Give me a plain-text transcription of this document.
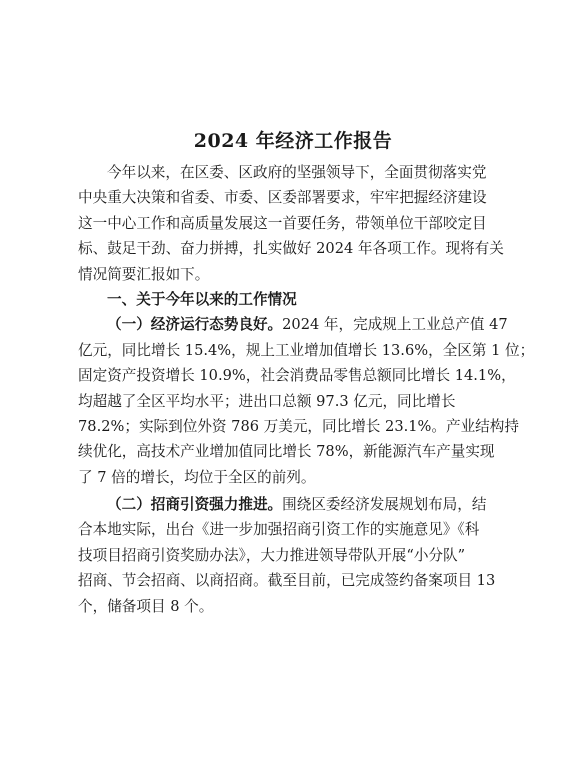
2024 年经济工作报告
今年以来，在区委、区政府的坚强领导下，全面贯彻落实党
中央重大决策和省委、市委、区委部署要求，牢牢把握经济建设
这一中心工作和高质量发展这一首要任务，带领单位干部咬定目
标、鼓足干劲、奋力拼搏，扎实做好 2024 年各项工作。现将有关
情况简要汇报如下。
一、关于今年以来的工作情况
（一）经济运行态势良好。2024 年，完成规上工业总产值 47
亿元，同比增长 15.4%，规上工业增加值增长 13.6%，全区第 1 位；
固定资产投资增长 10.9%，社会消费品零售总额同比增长 14.1%，
均超越了全区平均水平；进出口总额 97.3 亿元，同比增长
78.2%；实际到位外资 786 万美元，同比增长 23.1%。产业结构持
续优化，高技术产业增加值同比增长 78%，新能源汽车产量实现
了 7 倍的增长，均位于全区的前列。
（二）招商引资强力推进。围绕区委经济发展规划布局，结
合本地实际，出台《进一步加强招商引资工作的实施意见》《科
技项目招商引资奖励办法》，大力推进领导带队开展“小分队”
招商、节会招商、以商招商。截至目前，已完成签约备案项目 13
个，储备项目 8 个。
